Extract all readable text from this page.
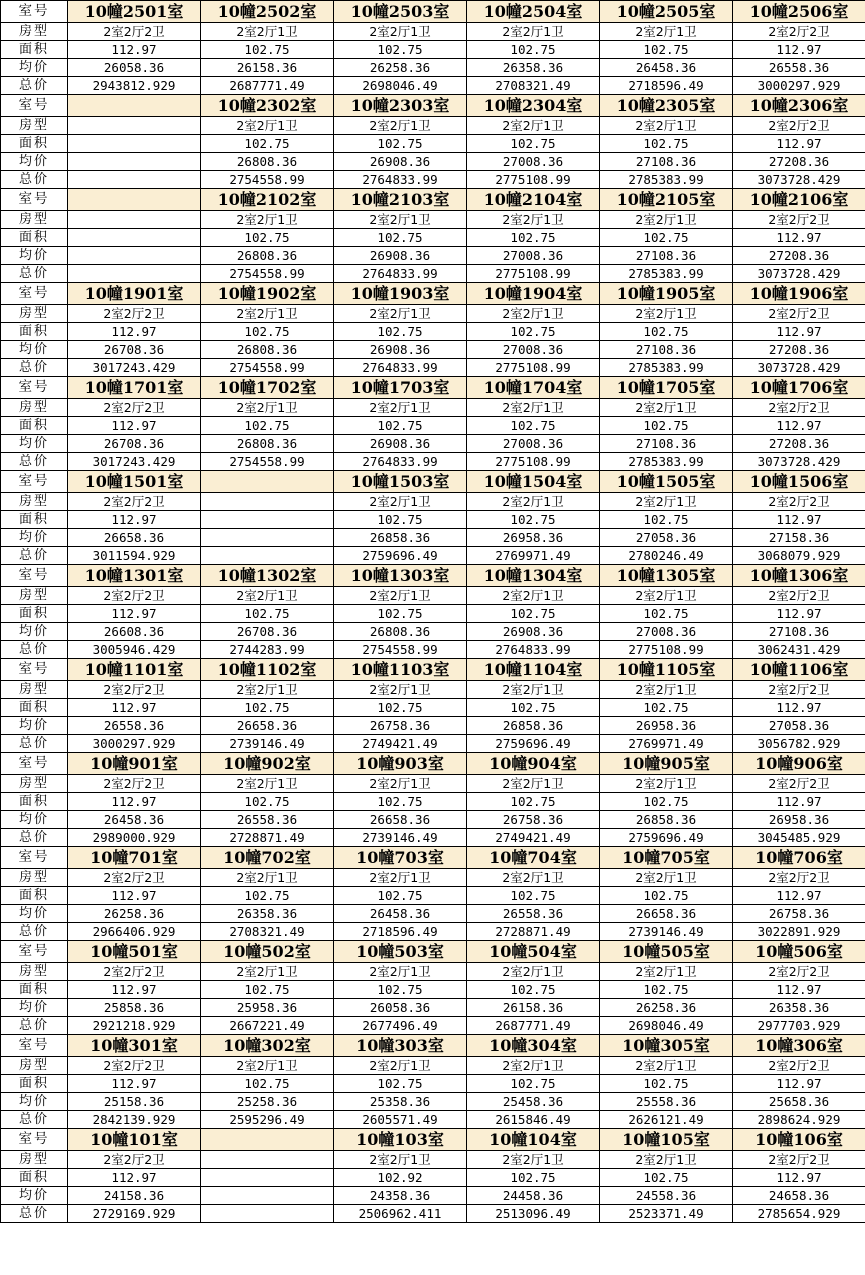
室号	10幢2501室	10幢2502室	10幢2503室	10幢2504室	10幢2505室	10幢2506室
房型	2室2厅2卫	2室2厅1卫	2室2厅1卫	2室2厅1卫	2室2厅1卫	2室2厅2卫
面积	112.97	102.75	102.75	102.75	102.75	112.97
均价	26058.36	26158.36	26258.36	26358.36	26458.36	26558.36
总价	2943812.929	2687771.49	2698046.49	2708321.49	2718596.49	3000297.929
室号		10幢2302室	10幢2303室	10幢2304室	10幢2305室	10幢2306室
房型		2室2厅1卫	2室2厅1卫	2室2厅1卫	2室2厅1卫	2室2厅2卫
面积		102.75	102.75	102.75	102.75	112.97
均价		26808.36	26908.36	27008.36	27108.36	27208.36
总价		2754558.99	2764833.99	2775108.99	2785383.99	3073728.429
室号		10幢2102室	10幢2103室	10幢2104室	10幢2105室	10幢2106室
房型		2室2厅1卫	2室2厅1卫	2室2厅1卫	2室2厅1卫	2室2厅2卫
面积		102.75	102.75	102.75	102.75	112.97
均价		26808.36	26908.36	27008.36	27108.36	27208.36
总价		2754558.99	2764833.99	2775108.99	2785383.99	3073728.429
室号	10幢1901室	10幢1902室	10幢1903室	10幢1904室	10幢1905室	10幢1906室
房型	2室2厅2卫	2室2厅1卫	2室2厅1卫	2室2厅1卫	2室2厅1卫	2室2厅2卫
面积	112.97	102.75	102.75	102.75	102.75	112.97
均价	26708.36	26808.36	26908.36	27008.36	27108.36	27208.36
总价	3017243.429	2754558.99	2764833.99	2775108.99	2785383.99	3073728.429
室号	10幢1701室	10幢1702室	10幢1703室	10幢1704室	10幢1705室	10幢1706室
房型	2室2厅2卫	2室2厅1卫	2室2厅1卫	2室2厅1卫	2室2厅1卫	2室2厅2卫
面积	112.97	102.75	102.75	102.75	102.75	112.97
均价	26708.36	26808.36	26908.36	27008.36	27108.36	27208.36
总价	3017243.429	2754558.99	2764833.99	2775108.99	2785383.99	3073728.429
室号	10幢1501室		10幢1503室	10幢1504室	10幢1505室	10幢1506室
房型	2室2厅2卫		2室2厅1卫	2室2厅1卫	2室2厅1卫	2室2厅2卫
面积	112.97		102.75	102.75	102.75	112.97
均价	26658.36		26858.36	26958.36	27058.36	27158.36
总价	3011594.929		2759696.49	2769971.49	2780246.49	3068079.929
室号	10幢1301室	10幢1302室	10幢1303室	10幢1304室	10幢1305室	10幢1306室
房型	2室2厅2卫	2室2厅1卫	2室2厅1卫	2室2厅1卫	2室2厅1卫	2室2厅2卫
面积	112.97	102.75	102.75	102.75	102.75	112.97
均价	26608.36	26708.36	26808.36	26908.36	27008.36	27108.36
总价	3005946.429	2744283.99	2754558.99	2764833.99	2775108.99	3062431.429
室号	10幢1101室	10幢1102室	10幢1103室	10幢1104室	10幢1105室	10幢1106室
房型	2室2厅2卫	2室2厅1卫	2室2厅1卫	2室2厅1卫	2室2厅1卫	2室2厅2卫
面积	112.97	102.75	102.75	102.75	102.75	112.97
均价	26558.36	26658.36	26758.36	26858.36	26958.36	27058.36
总价	3000297.929	2739146.49	2749421.49	2759696.49	2769971.49	3056782.929
室号	10幢901室	10幢902室	10幢903室	10幢904室	10幢905室	10幢906室
房型	2室2厅2卫	2室2厅1卫	2室2厅1卫	2室2厅1卫	2室2厅1卫	2室2厅2卫
面积	112.97	102.75	102.75	102.75	102.75	112.97
均价	26458.36	26558.36	26658.36	26758.36	26858.36	26958.36
总价	2989000.929	2728871.49	2739146.49	2749421.49	2759696.49	3045485.929
室号	10幢701室	10幢702室	10幢703室	10幢704室	10幢705室	10幢706室
房型	2室2厅2卫	2室2厅1卫	2室2厅1卫	2室2厅1卫	2室2厅1卫	2室2厅2卫
面积	112.97	102.75	102.75	102.75	102.75	112.97
均价	26258.36	26358.36	26458.36	26558.36	26658.36	26758.36
总价	2966406.929	2708321.49	2718596.49	2728871.49	2739146.49	3022891.929
室号	10幢501室	10幢502室	10幢503室	10幢504室	10幢505室	10幢506室
房型	2室2厅2卫	2室2厅1卫	2室2厅1卫	2室2厅1卫	2室2厅1卫	2室2厅2卫
面积	112.97	102.75	102.75	102.75	102.75	112.97
均价	25858.36	25958.36	26058.36	26158.36	26258.36	26358.36
总价	2921218.929	2667221.49	2677496.49	2687771.49	2698046.49	2977703.929
室号	10幢301室	10幢302室	10幢303室	10幢304室	10幢305室	10幢306室
房型	2室2厅2卫	2室2厅1卫	2室2厅1卫	2室2厅1卫	2室2厅1卫	2室2厅2卫
面积	112.97	102.75	102.75	102.75	102.75	112.97
均价	25158.36	25258.36	25358.36	25458.36	25558.36	25658.36
总价	2842139.929	2595296.49	2605571.49	2615846.49	2626121.49	2898624.929
室号	10幢101室		10幢103室	10幢104室	10幢105室	10幢106室
房型	2室2厅2卫		2室2厅1卫	2室2厅1卫	2室2厅1卫	2室2厅2卫
面积	112.97		102.92	102.75	102.75	112.97
均价	24158.36		24358.36	24458.36	24558.36	24658.36
总价	2729169.929		2506962.411	2513096.49	2523371.49	2785654.929
